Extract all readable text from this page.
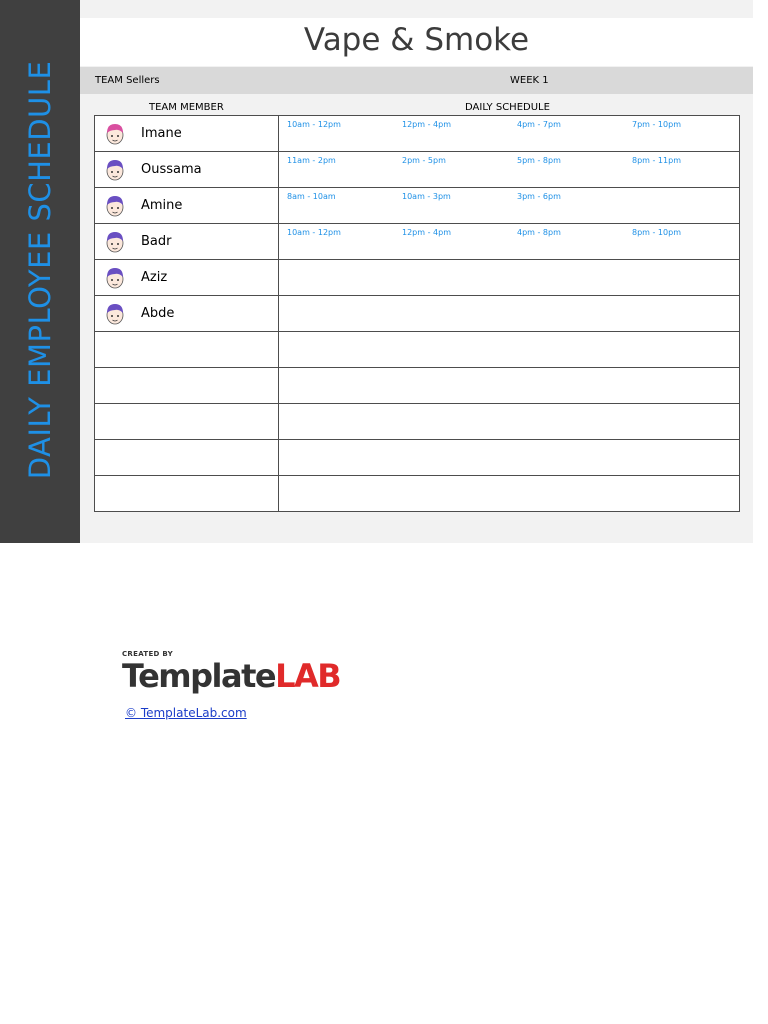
DAILY EMPLOYEE SCHEDULE
Vape & Smoke
TEAM Sellers	WEEK 1
TEAM MEMBER	DAILY SCHEDULE
Imane	10am - 12pm 12pm - 4pm 4pm - 7pm 7pm - 10pm

Oussama	11am - 2pm 2pm - 5pm 5pm - 8pm 8pm - 11pm

Amine	8am - 10am 10am - 3pm 3pm - 6pm

Badr	10am - 12pm 12pm - 4pm 4pm - 8pm 8pm - 10pm

Aziz	

Abde	

CREATED BY
TemplateLAB
© TemplateLab.com
